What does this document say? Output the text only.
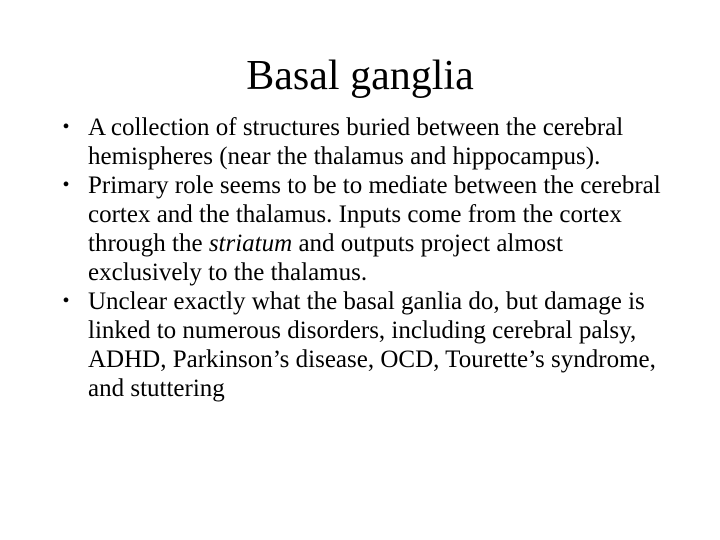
Basal ganglia
• A collection of structures buried between the cerebral hemispheres (near the thalamus and hippocampus).
• Primary role seems to be to mediate between the cerebral cortex and the thalamus. Inputs come from the cortex through the striatum and outputs project almost exclusively to the thalamus.
• Unclear exactly what the basal ganlia do, but damage is linked to numerous disorders, including cerebral palsy, ADHD, Parkinson’s disease, OCD, Tourette’s syndrome, and stuttering
